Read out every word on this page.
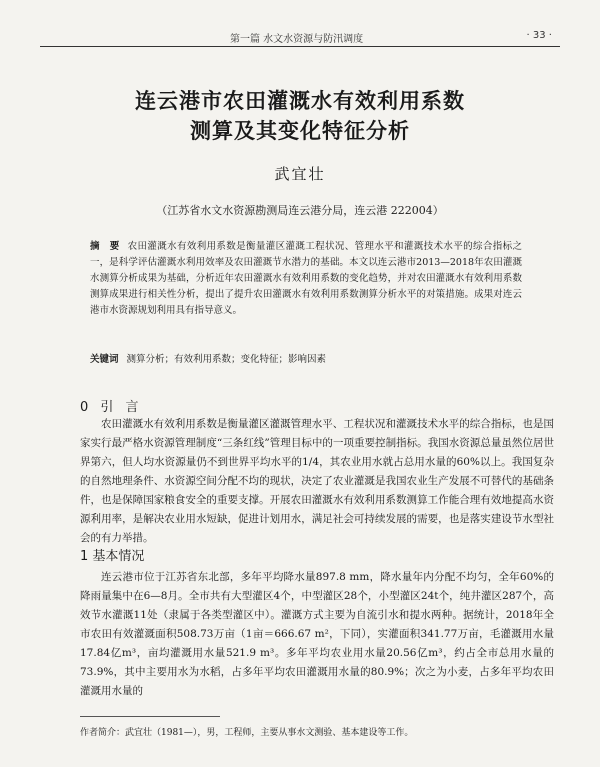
第一篇 水文水资源与防汛调度	· 33 ·
连云港市农田灌溉水有效利用系数
测算及其变化特征分析
武宜壮
（江苏省水文水资源勘测局连云港分局，连云港 222004）
摘　要 农田灌溉水有效利用系数是衡量灌区灌溉工程状况、管理水平和灌溉技术水平的综合指标之一，是科学评估灌溉水利用效率及农田灌溉节水潜力的基础。本文以连云港市2013—2018年农田灌溉水测算分析成果为基础，分析近年农田灌溉水有效利用系数的变化趋势，并对农田灌溉水有效利用系数测算成果进行相关性分析，提出了提升农田灌溉水有效利用系数测算分析水平的对策措施。成果对连云港市水资源规划利用具有指导意义。
关键词 测算分析；有效利用系数；变化特征；影响因素
0 引 言
农田灌溉水有效利用系数是衡量灌区灌溉管理水平、工程状况和灌溉技术水平的综合指标，也是国家实行最严格水资源管理制度“三条红线”管理目标中的一项重要控制指标。我国水资源总量虽然位居世界第六，但人均水资源量仍不到世界平均水平的1/4，其农业用水就占总用水量的60%以上。我国复杂的自然地理条件、水资源空间分配不均的现状，决定了农业灌溉是我国农业生产发展不可替代的基础条件，也是保障国家粮食安全的重要支撑。开展农田灌溉水有效利用系数测算工作能合理有效地提高水资源利用率，是解决农业用水短缺，促进计划用水，满足社会可持续发展的需要，也是落实建设节水型社会的有力举措。
1 基本情况
连云港市位于江苏省东北部，多年平均降水量897.8 mm，降水量年内分配不均匀，全年60%的降雨量集中在6—8月。全市共有大型灌区4个，中型灌区28个，小型灌区24t个，纯井灌区287个，高效节水灌溉11处（隶属于各类型灌区中）。灌溉方式主要为自流引水和提水两种。据统计，2018年全市农田有效灌溉面积508.73万亩（1亩＝666.67 m²，下同），实灌面积341.77万亩，毛灌溉用水量17.84亿m³，亩均灌溉用水量521.9 m³。多年平均农业用水量20.56亿m³，约占全市总用水量的73.9%，其中主要用水为水稻，占多年平均农田灌溉用水量的80.9%；次之为小麦，占多年平均农田灌溉用水量的
作者简介：武宜壮（1981—），男，工程师，主要从事水文测验、基本建设等工作。
